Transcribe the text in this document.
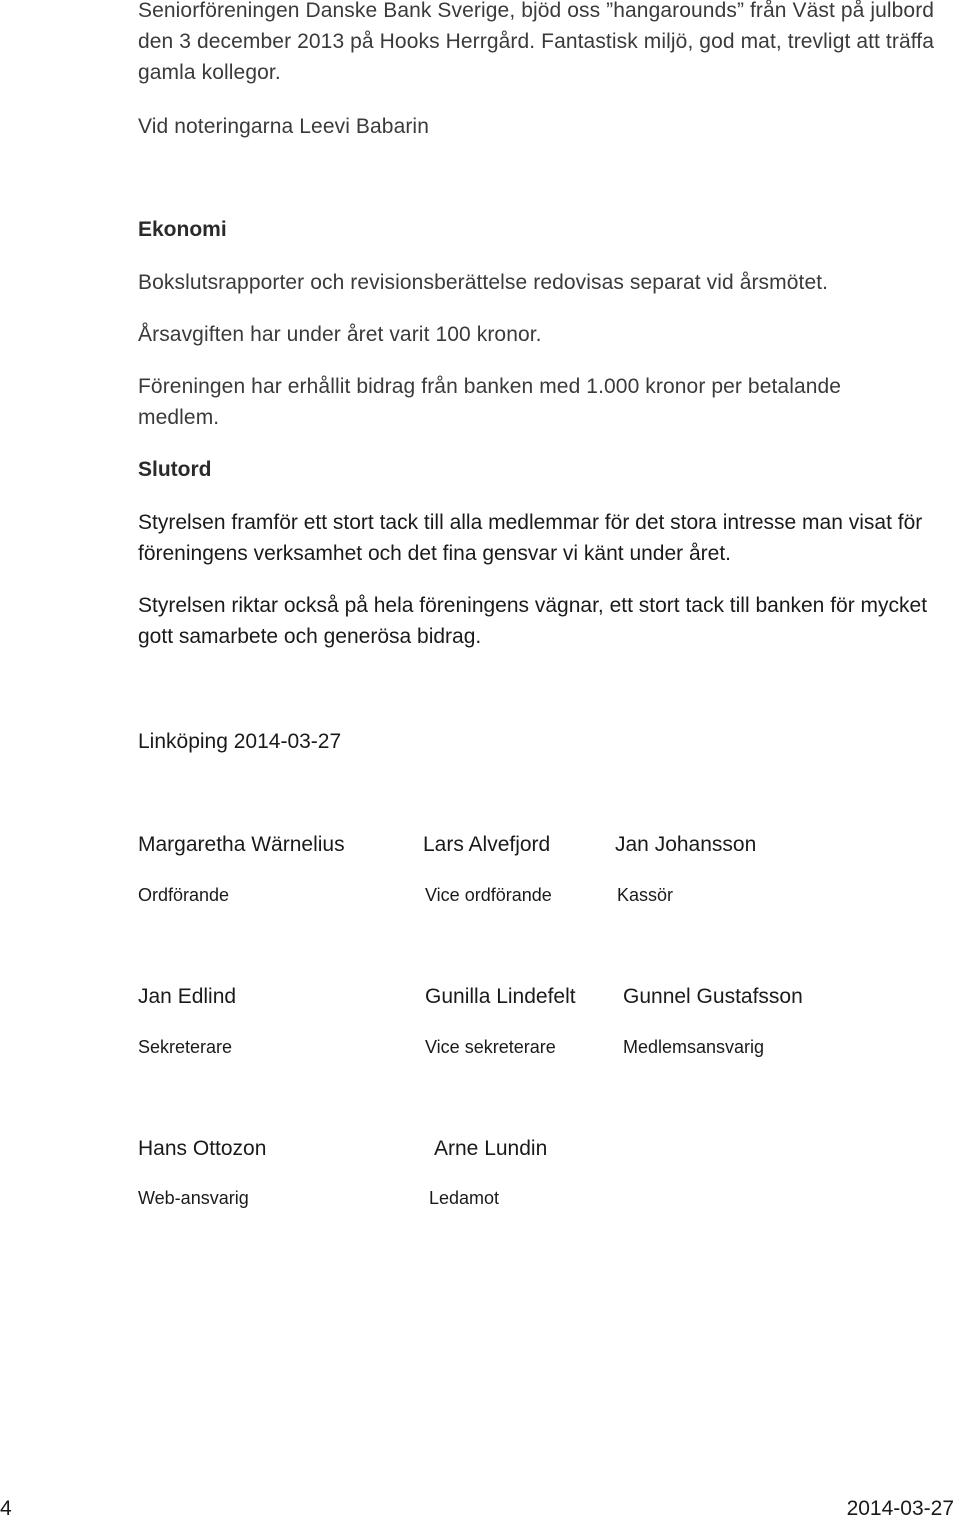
Seniorföreningen Danske Bank Sverige, bjöd oss ”hangarounds” från Väst på julbord den 3 december 2013 på Hooks Herrgård. Fantastisk miljö, god mat, trevligt att träffa gamla kollegor.

Vid noteringarna Leevi Babarin

Ekonomi

Bokslutsrapporter och revisionsberättelse redovisas separat vid årsmötet.

Årsavgiften har under året varit 100 kronor.

Föreningen har erhållit bidrag från banken med 1.000 kronor per betalande medlem.

Slutord

Styrelsen framför ett stort tack till alla medlemmar för det stora intresse man visat för föreningens verksamhet och det fina gensvar vi känt under året.

Styrelsen riktar också på hela föreningens vägnar, ett stort tack till banken för mycket gott samarbete och generösa bidrag.

Linköping 2014-03-27

Margaretha Wärnelius
Ordförande
Lars Alvefjord
Vice ordförande
Jan Johansson
Kassör
Jan Edlind
Sekreterare
Gunilla Lindefelt
Vice sekreterare
Gunnel Gustafsson
Medlemsansvarig
Hans Ottozon
Web-ansvarig
Arne Lundin
Ledamot
4	2014-03-27
